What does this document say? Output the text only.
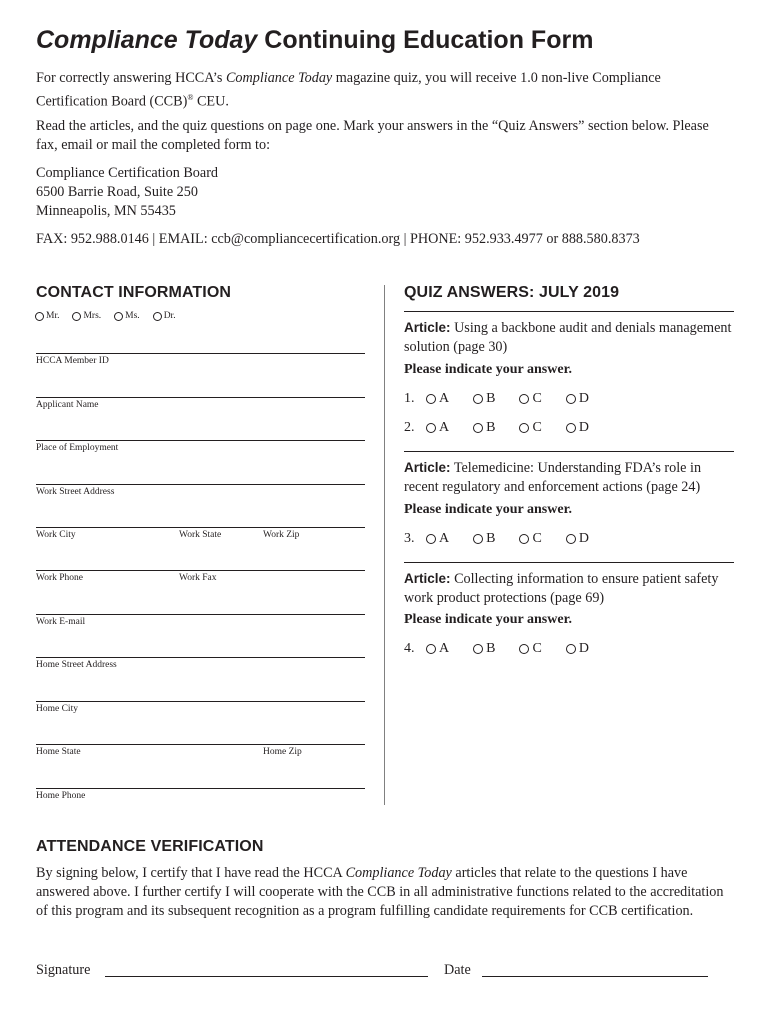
Compliance Today Continuing Education Form
For correctly answering HCCA’s Compliance Today magazine quiz, you will receive 1.0 non-live Compliance Certification Board (CCB)® CEU.
Read the articles, and the quiz questions on page one. Mark your answers in the “Quiz Answers” section below. Please fax, email or mail the completed form to:
Compliance Certification Board
6500 Barrie Road, Suite 250
Minneapolis, MN 55435
FAX: 952.988.0146 | EMAIL: ccb@compliancecertification.org | PHONE: 952.933.4977 or 888.580.8373
CONTACT INFORMATION
Mr.	Mrs.	Ms.	Dr.
HCCA Member ID
Applicant Name
Place of Employment
Work Street Address
Work City	Work State	Work Zip
Work Phone	Work Fax
Work E-mail
Home Street Address
Home City
Home State	Home Zip
Home Phone
QUIZ ANSWERS: JULY 2019
Article: Using a backbone audit and denials management solution (page 30)
Please indicate your answer.
1.	A	B	C	D
2.	A	B	C	D
Article: Telemedicine: Understanding FDA’s role in recent regulatory and enforcement actions (page 24)
Please indicate your answer.
3.	A	B	C	D
Article: Collecting information to ensure patient safety work product protections (page 69)
Please indicate your answer.
4.	A	B	C	D
ATTENDANCE VERIFICATION
By signing below, I certify that I have read the HCCA Compliance Today articles that relate to the questions I have answered above. I further certify I will cooperate with the CCB in all administrative functions related to the accreditation of this program and its subsequent recognition as a program fulfilling candidate requirements for CCB certification.
Signature	Date
